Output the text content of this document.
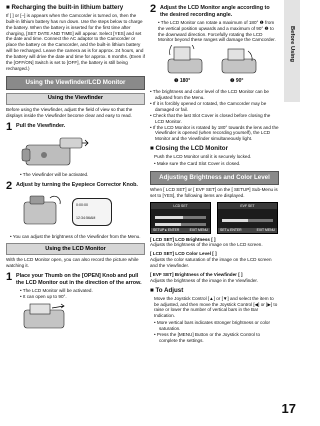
■ Recharging the built-in lithium battery
If [ ] or [–] is appears when the Camcorder is turned on, then the built-in lithium battery has run down. Use the steps below to charge the battery. When the battery is inserted for the first time after charging, [SET DATE AND TIME] will appear. Select [YES] and set the date and time. Connect the AC adaptor to the Camcorder or place the battery on the Camcorder, and the built-in lithium battery will be recharged. Leave the camera as is for approx. 24 hours, and the battery will drive the date and time for approx. 6 months. (Even if the [OFF/ON] Switch is set to [OFF], the battery is still being recharged.)
Using the Viewfinder/LCD Monitor
Using the Viewfinder
Before using the Viewfinder, adjust the field of view so that the displays inside the Viewfinder become clear and easy to read.
1 Pull the Viewfinder.
• The Viewfinder will be activated.
2 Adjust by turning the Eyepiece Corrector Knob.
0:00:00
12:34:56AM
• You can adjust the brightness of the Viewfinder from the Menu.
Using the LCD Monitor
With the LCD Monitor open, you can also record the picture while watching it.
1 Place your Thumb on the [OPEN] Knob and pull the LCD Monitor out in the direction of the arrow.
• The LCD Monitor will be activated.
• It can open up to 90°.
2 Adjust the LCD Monitor angle according to the desired recording angle.
• The LCD Monitor can rotate a maximum of 180° ❶ from the vertical position upwards and a maximum of 90° ❷ to the downward direction. Forcefully rotating the LCD Monitor beyond these ranges will damage the Camcorder.
❶ 180°	❷ 90°
• The brightness and color level of the LCD Monitor can be adjusted from the Menu.
• If it is forcibly opened or rotated, the Camcorder may be damaged or fail.
• Check that the last Slot Cover is closed before closing the LCD Monitor.
• If the LCD Monitor is rotated by 180° towards the lens and the Viewfinder is opened (when recording yourself), the LCD Monitor and the Viewfinder simultaneously light.
■ Closing the LCD Monitor
Push the LCD Monitor until it is securely locked.
• Make sure the Card Slot Cover is closed.
Adjusting Brightness and Color Level
When [ LCD SET] or [ EVF SET] on the [ SETUP] Sub-Menu is set to [YES], the following items are displayed.
LCD SET
SETUP ▸ ENTER	EXIT MENU
EVF SET
SET ▸ ENTER	EXIT MENU
[ LCD SET] LCD Brightness [ ]
Adjusts the brightness of the image on the LCD screen.
[ LCD SET] LCD Color Level [ ]
Adjusts the color saturation of the image on the LCD screen and the Viewfinder.
[ EVF SET] Brightness of the Viewfinder [ ]
Adjusts the brightness of the image in the Viewfinder.
■ To Adjust
Move the Joystick Control [▲] or [▼] and select the item to be adjusted, and then move the Joystick Control [◀] or [▶] to raise or lower the number of vertical bars in the Bar Indication.
• More vertical bars indicates stronger brightness or color saturation.
• Press the [MENU] Button or the Joystick Control to complete the settings.
Before Using
17
